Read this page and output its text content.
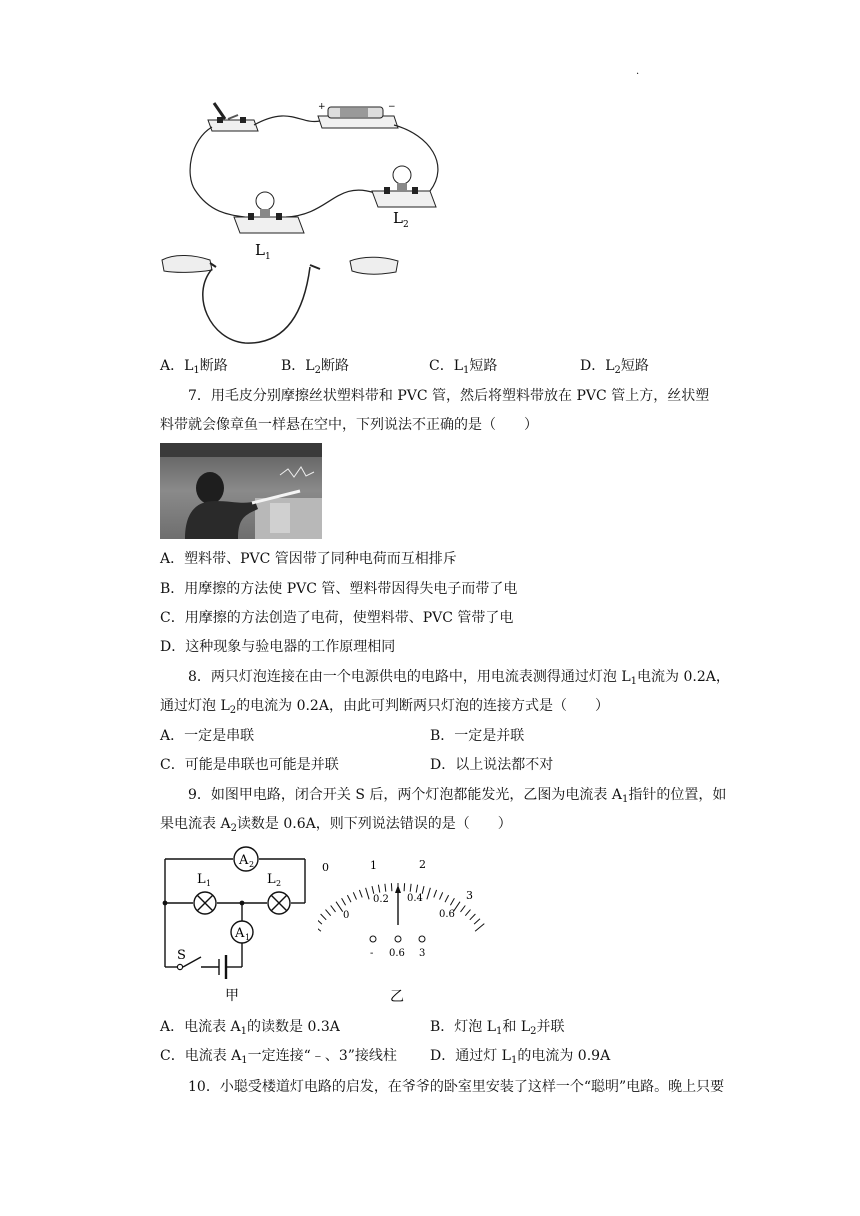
.
+	−
L 1
L 2
A．$L_1$断路	B．$L_2$断路	C．$L_1$短路	D．$L_2$短路
7．用毛皮分别摩擦丝状塑料带和 PVC 管，然后将塑料带放在 PVC 管上方，丝状塑
料带就会像章鱼一样悬在空中，下列说法不正确的是（　　）
A．塑料带、PVC 管因带了同种电荷而互相排斥
B．用摩擦的方法使 PVC 管、塑料带因得失电子而带了电
C．用摩擦的方法创造了电荷，使塑料带、PVC 管带了电
D．这种现象与验电器的工作原理相同
8．两只灯泡连接在由一个电源供电的电路中，用电流表测得通过灯泡 $L_1$电流为 0.2A，
通过灯泡 $L_2$的电流为 0.2A，由此可判断两只灯泡的连接方式是（　　）
A．一定是串联	B．一定是并联
C．可能是串联也可能是并联	D．以上说法都不对
9．如图甲电路，闭合开关 S 后，两个灯泡都能发光，乙图为电流表 $A_1$指针的位置，如
果电流表 $A_2$读数是 0.6A，则下列说法错误的是（　　）
A 2
A 1
L 1	L 2
S
甲
0	1	2
3
0
0.2 0.4
0.6
- 0.6 3
乙
A．电流表 $A_1$的读数是 0.3A	B．灯泡 $L_1$和 $L_2$并联
C．电流表 $A_1$一定连接“﹣、3”接线柱 D．通过灯 $L_1$的电流为 0.9A
10．小聪受楼道灯电路的启发，在爷爷的卧室里安装了这样一个“聪明”电路。晚上只要
